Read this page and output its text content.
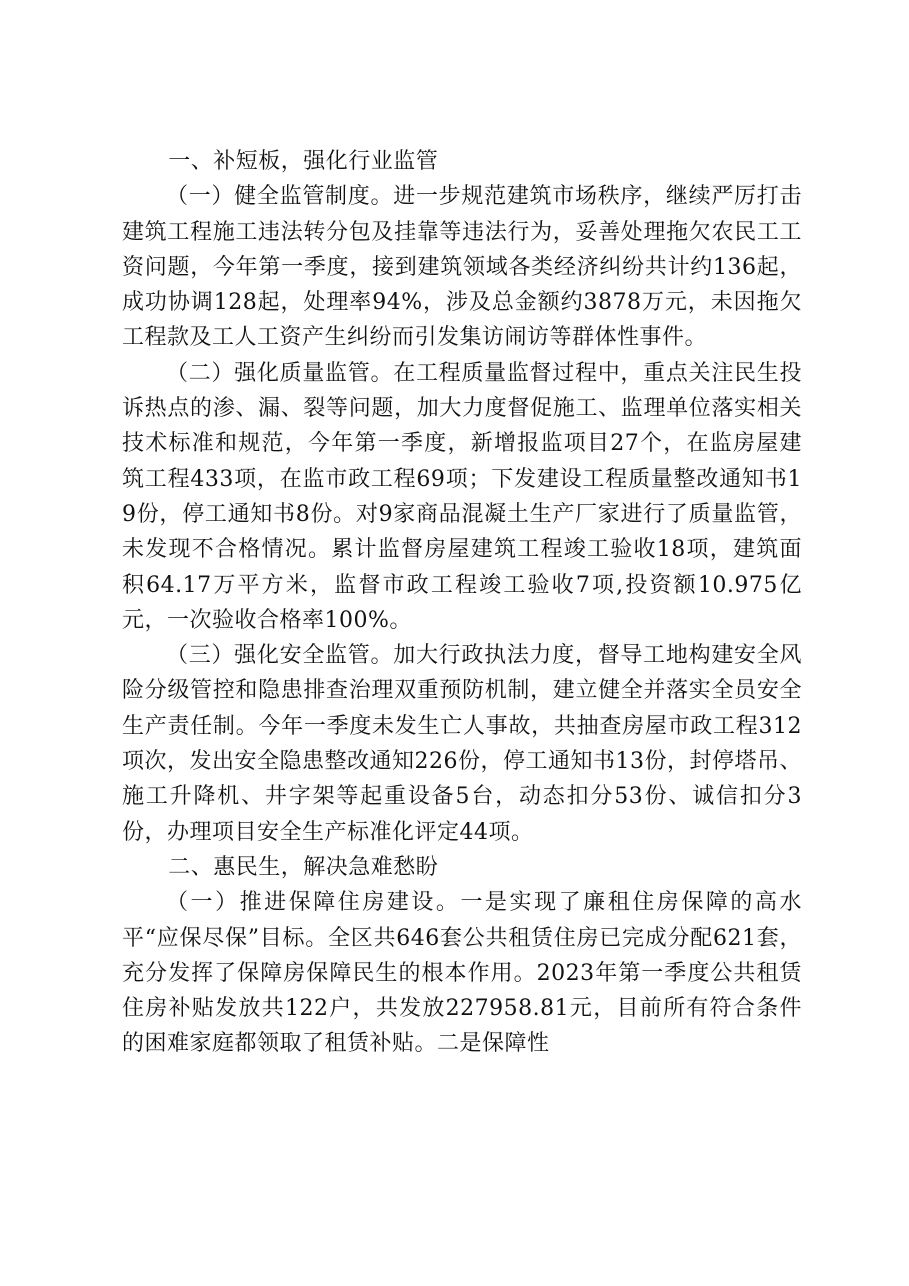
一、补短板，强化行业监管

（一）健全监管制度。进一步规范建筑市场秩序，继续严厉打击建筑工程施工违法转分包及挂靠等违法行为，妥善处理拖欠农民工工资问题，今年第一季度，接到建筑领域各类经济纠纷共计约136起，成功协调128起，处理率94%，涉及总金额约3878万元，未因拖欠工程款及工人工资产生纠纷而引发集访闹访等群体性事件。

（二）强化质量监管。在工程质量监督过程中，重点关注民生投诉热点的渗、漏、裂等问题，加大力度督促施工、监理单位落实相关技术标准和规范，今年第一季度，新增报监项目27个，在监房屋建筑工程433项，在监市政工程69项；下发建设工程质量整改通知书19份，停工通知书8份。对9家商品混凝土生产厂家进行了质量监管，未发现不合格情况。累计监督房屋建筑工程竣工验收18项，建筑面积64.17万平方米，监督市政工程竣工验收7项,投资额10.975亿元，一次验收合格率100%。

（三）强化安全监管。加大行政执法力度，督导工地构建安全风险分级管控和隐患排查治理双重预防机制，建立健全并落实全员安全生产责任制。今年一季度未发生亡人事故，共抽查房屋市政工程312项次，发出安全隐患整改通知226份，停工通知书13份，封停塔吊、施工升降机、井字架等起重设备5台，动态扣分53份、诚信扣分3份，办理项目安全生产标准化评定44项。

二、惠民生，解决急难愁盼

（一）推进保障住房建设。一是实现了廉租住房保障的高水平“应保尽保”目标。全区共646套公共租赁住房已完成分配621套，充分发挥了保障房保障民生的根本作用。2023年第一季度公共租赁住房补贴发放共122户，共发放227958.81元，目前所有符合条件的困难家庭都领取了租赁补贴。二是保障性
